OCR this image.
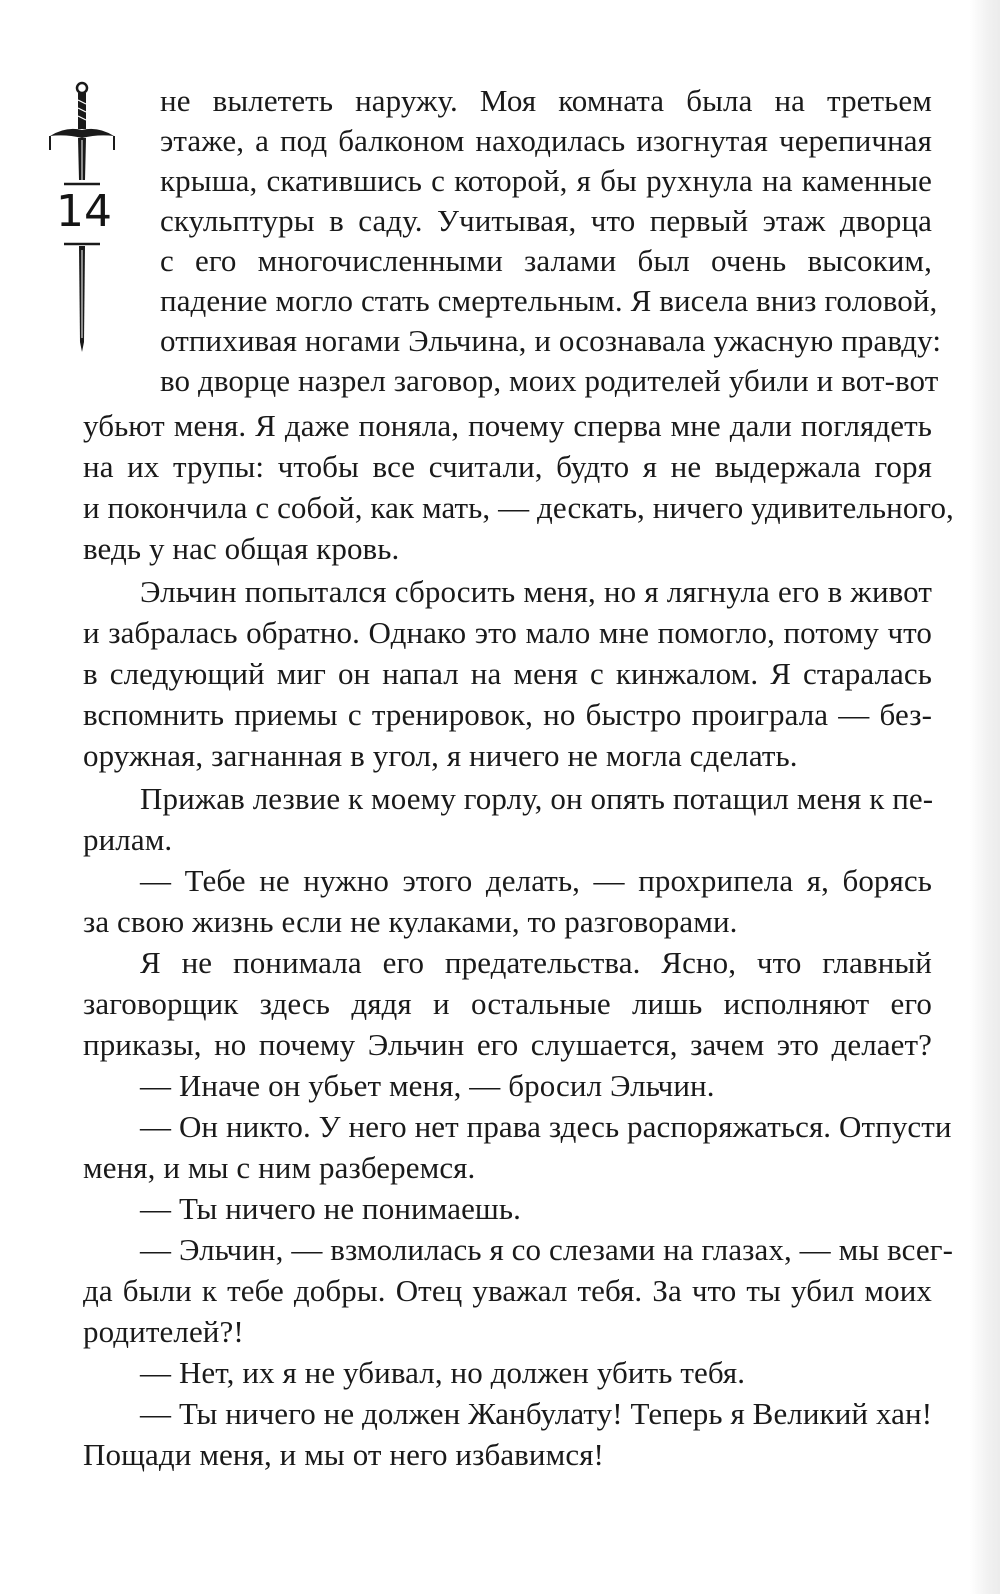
14
не вылететь наружу. Моя комната была на третьем
этаже, а под балконом находилась изогнутая черепичная
крыша, скатившись с которой, я бы рухнула на каменные
скульптуры в саду. Учитывая, что первый этаж дворца
с его многочисленными залами был очень высоким,
падение могло стать смертельным. Я висела вниз головой,
отпихивая ногами Эльчина, и осознавала ужасную правду:
во дворце назрел заговор, моих родителей убили и вот-вот
убьют меня. Я даже поняла, почему сперва мне дали поглядеть
на их трупы: чтобы все считали, будто я не выдержала горя
и покончила с собой, как мать, — дескать, ничего удивительного,
ведь у нас общая кровь.
Эльчин попытался сбросить меня, но я лягнула его в живот
и забралась обратно. Однако это мало мне помогло, потому что
в следующий миг он напал на меня с кинжалом. Я старалась
вспомнить приемы с тренировок, но быстро проиграла — без-
оружная, загнанная в угол, я ничего не могла сделать.
Прижав лезвие к моему горлу, он опять потащил меня к пе-
рилам.
— Тебе не нужно этого делать, — прохрипела я, борясь
за свою жизнь если не кулаками, то разговорами.
Я не понимала его предательства. Ясно, что главный
заговорщик здесь дядя и остальные лишь исполняют его
приказы, но почему Эльчин его слушается, зачем это делает?
— Иначе он убьет меня, — бросил Эльчин.
— Он никто. У него нет права здесь распоряжаться. Отпусти
меня, и мы с ним разберемся.
— Ты ничего не понимаешь.
— Эльчин, — взмолилась я со слезами на глазах, — мы всег-
да были к тебе добры. Отец уважал тебя. За что ты убил моих
родителей?!
— Нет, их я не убивал, но должен убить тебя.
— Ты ничего не должен Жанбулату! Теперь я Великий хан!
Пощади меня, и мы от него избавимся!
